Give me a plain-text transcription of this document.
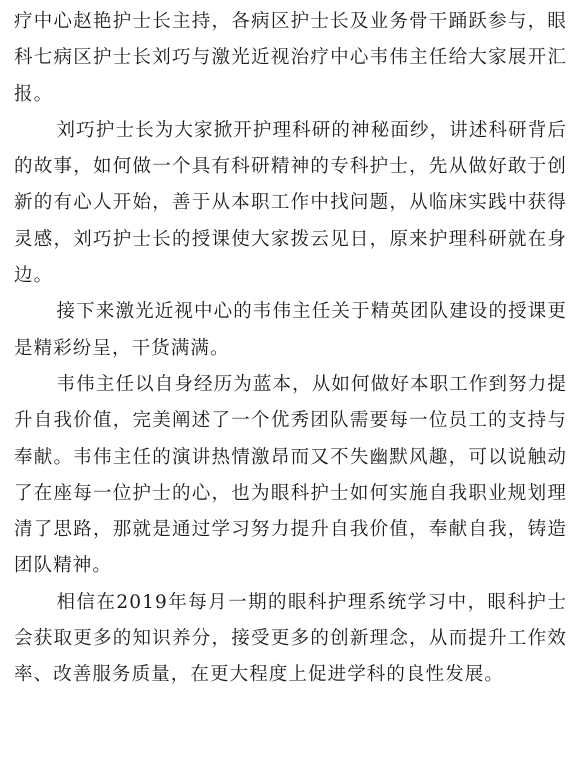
疗中心赵艳护士长主持，各病区护士长及业务骨干踊跃参与，眼科七病区护士长刘巧与激光近视治疗中心韦伟主任给大家展开汇报。

刘巧护士长为大家掀开护理科研的神秘面纱，讲述科研背后的故事，如何做一个具有科研精神的专科护士，先从做好敢于创新的有心人开始，善于从本职工作中找问题，从临床实践中获得灵感，刘巧护士长的授课使大家拨云见日，原来护理科研就在身边。

接下来激光近视中心的韦伟主任关于精英团队建设的授课更是精彩纷呈，干货满满。

韦伟主任以自身经历为蓝本，从如何做好本职工作到努力提升自我价值，完美阐述了一个优秀团队需要每一位员工的支持与奉献。韦伟主任的演讲热情激昂而又不失幽默风趣，可以说触动了在座每一位护士的心，也为眼科护士如何实施自我职业规划理清了思路，那就是通过学习努力提升自我价值，奉献自我，铸造团队精神。

相信在2019年每月一期的眼科护理系统学习中，眼科护士会获取更多的知识养分，接受更多的创新理念，从而提升工作效率、改善服务质量，在更大程度上促进学科的良性发展。
